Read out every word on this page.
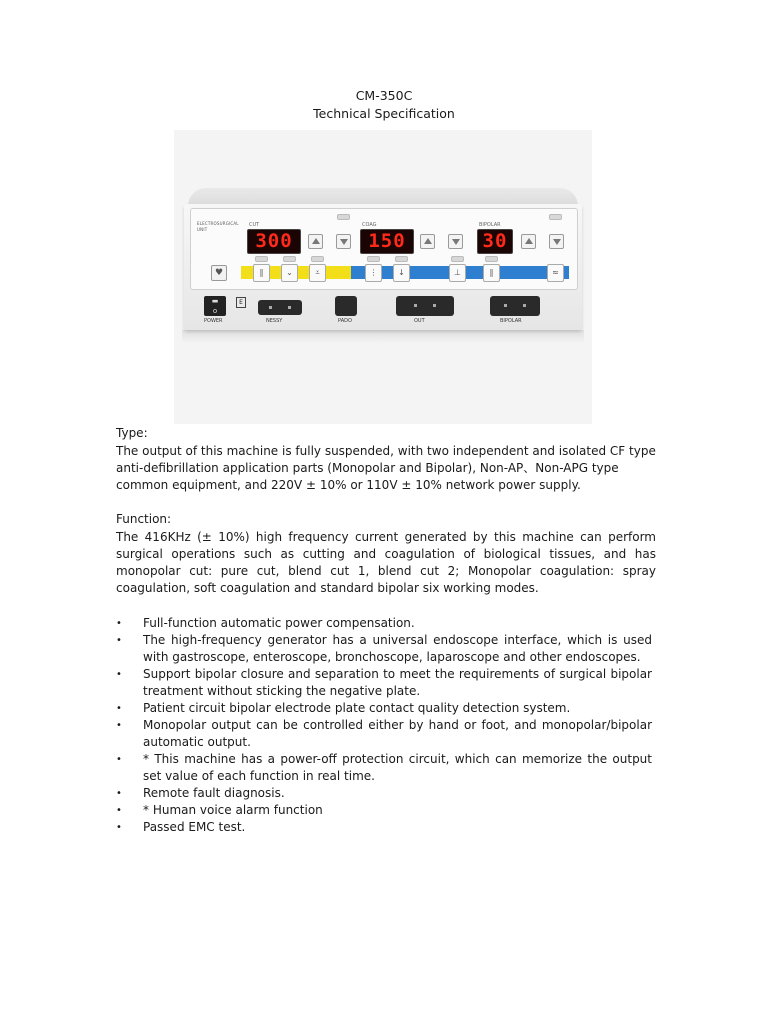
CM-350C
Technical Specification
ELECTROSURGICAL
UNIT
CUT
300
COAG
150
BIPOLAR
30
♥	∥	⌄	⩡	⋮	↓	⊥	∥	≈
▬
o
POWER
E
NESSY	PADO	OUT	BIPOLAR
Type:

The output of this machine is fully suspended, with two independent and isolated CF type anti-defibrillation application parts (Monopolar and Bipolar), Non-AP、Non-APG type common equipment, and 220V ± 10% or 110V ± 10% network power supply.

Function:

The 416KHz (± 10%) high frequency current generated by this machine can perform surgical operations such as cutting and coagulation of biological tissues, and has monopolar cut: pure cut, blend cut 1, blend cut 2; Monopolar coagulation: spray coagulation, soft coagulation and standard bipolar six working modes.

• Full-function automatic power compensation.
• The high-frequency generator has a universal endoscope interface, which is used with gastroscope, enteroscope, bronchoscope, laparoscope and other endoscopes.
• Support bipolar closure and separation to meet the requirements of surgical bipolar treatment without sticking the negative plate.
• Patient circuit bipolar electrode plate contact quality detection system.
• Monopolar output can be controlled either by hand or foot, and monopolar/bipolar automatic output.
• * This machine has a power-off protection circuit, which can memorize the output set value of each function in real time.
• Remote fault diagnosis.
• * Human voice alarm function
• Passed EMC test.
